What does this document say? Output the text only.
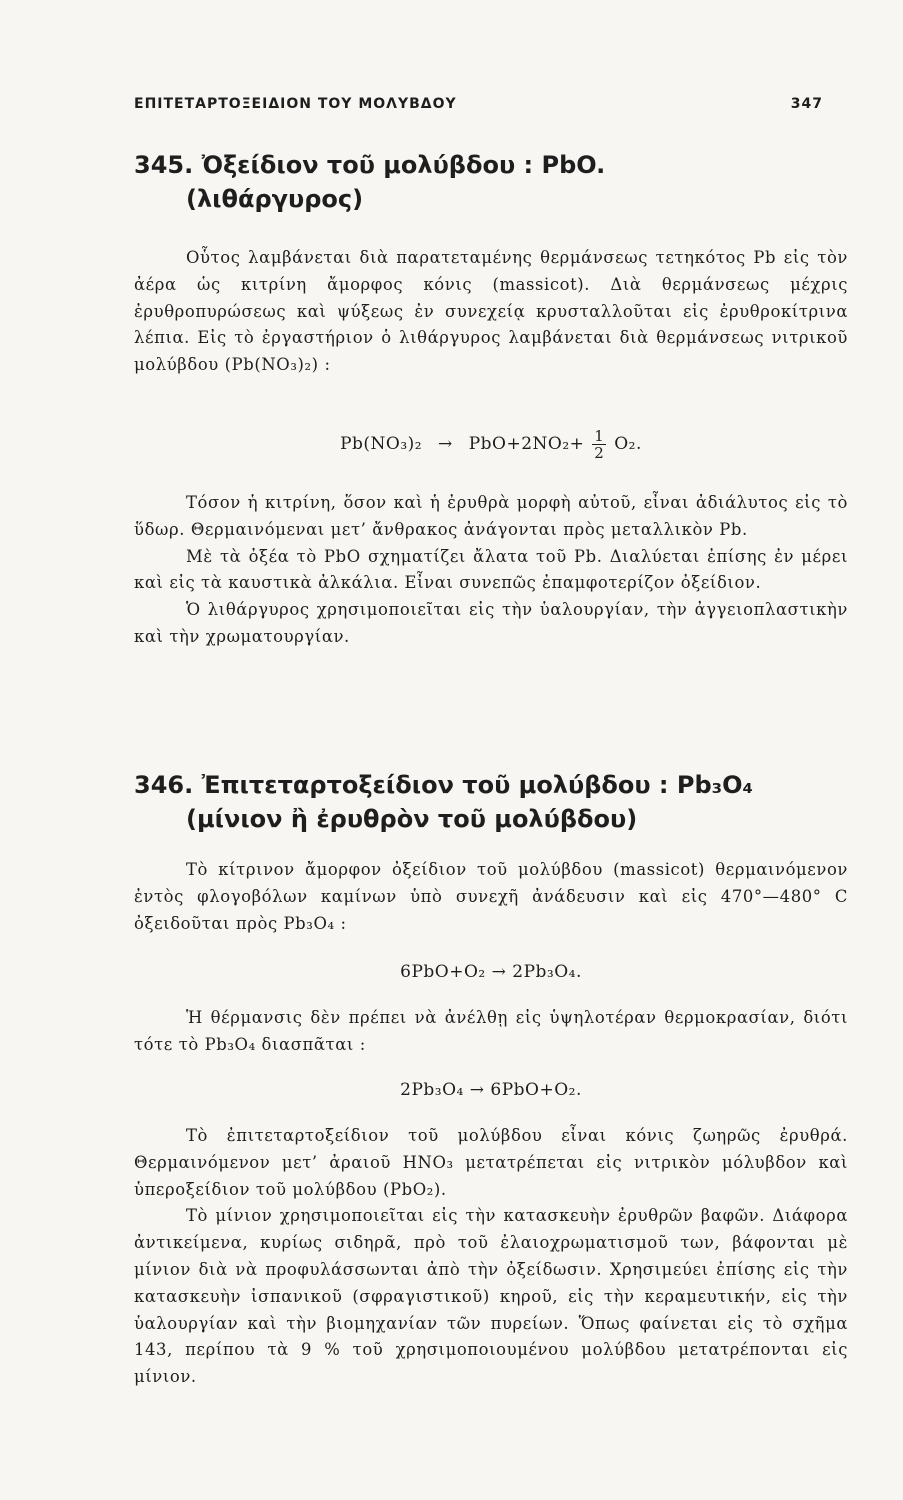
ΕΠΙΤΕΤΑΡΤΟΞΕΙΔΙΟΝ ΤΟΥ ΜΟΛΥΒΔΟΥ	347
345. Ὀξείδιον τοῦ μολύβδου : PbO.
(λιθάργυρος)

Οὗτος λαμβάνεται διὰ παρατεταμένης θερμάνσεως τετηκότος Pb εἰς τὸν ἀέρα ὡς κιτρίνη ἄμορφος κόνις (massicot). Διὰ θερμάνσεως μέχρις ἐρυθροπυρώσεως καὶ ψύξεως ἐν συνεχείᾳ κρυσταλλοῦται εἰς ἐρυθροκίτρινα λέπια. Εἰς τὸ ἐργαστήριον ὁ λιθάργυρος λαμβάνεται διὰ θερμάνσεως νιτρικοῦ μολύβδου (Pb(NO₃)₂) :

$Pb(NO_3)_2 \to PbO+2NO_2+ \frac{1}{2} O_2$.

Τόσον ἡ κιτρίνη, ὅσον καὶ ἡ ἐρυθρὰ μορφὴ αὐτοῦ, εἶναι ἀδιάλυτος εἰς τὸ ὕδωρ. Θερμαινόμεναι μετ’ ἄνθρακος ἀνάγονται πρὸς μεταλλικὸν Pb.

Μὲ τὰ ὀξέα τὸ PbO σχηματίζει ἄλατα τοῦ Pb. Διαλύεται ἐπίσης ἐν μέρει καὶ εἰς τὰ καυστικὰ ἀλκάλια. Εἶναι συνεπῶς ἐπαμφοτερίζον ὀξείδιον.

Ὁ λιθάργυρος χρησιμοποιεῖται εἰς τὴν ὑαλουργίαν, τὴν ἀγγειοπλαστικὴν καὶ τὴν χρωματουργίαν.

346. Ἐπιτεταρτοξείδιον τοῦ μολύβδου : Pb₃O₄
(μίνιον ἢ ἐρυθρὸν τοῦ μολύβδου)

Τὸ κίτρινον ἄμορφον ὀξείδιον τοῦ μολύβδου (massicot) θερμαινόμενον ἐντὸς φλογοβόλων καμίνων ὑπὸ συνεχῆ ἀνάδευσιν καὶ εἰς 470°—480° C ὀξειδοῦται πρὸς Pb₃O₄ :

6PbO+O₂ → 2Pb₃O₄.

Ἡ θέρμανσις δὲν πρέπει νὰ ἀνέλθῃ εἰς ὑψηλοτέραν θερμοκρασίαν, διότι τότε τὸ Pb₃O₄ διασπᾶται :

2Pb₃O₄ → 6PbO+O₂.

Τὸ ἐπιτεταρτοξείδιον τοῦ μολύβδου εἶναι κόνις ζωηρῶς ἐρυθρά. Θερμαινόμενον μετ’ ἀραιοῦ HNO₃ μετατρέπεται εἰς νιτρικὸν μόλυβδον καὶ ὑπεροξείδιον τοῦ μολύβδου (PbO₂).

Τὸ μίνιον χρησιμοποιεῖται εἰς τὴν κατασκευὴν ἐρυθρῶν βαφῶν. Διάφορα ἀντικείμενα, κυρίως σιδηρᾶ, πρὸ τοῦ ἐλαιοχρωματισμοῦ των, βάφονται μὲ μίνιον διὰ νὰ προφυλάσσωνται ἀπὸ τὴν ὀξείδωσιν. Χρησιμεύει ἐπίσης εἰς τὴν κατασκευὴν ἰσπανικοῦ (σφραγιστικοῦ) κηροῦ, εἰς τὴν κεραμευτικήν, εἰς τὴν ὑαλουργίαν καὶ τὴν βιομηχανίαν τῶν πυρείων. Ὅπως φαίνεται εἰς τὸ σχῆμα 143, περίπου τὰ 9 % τοῦ χρησιμοποιουμένου μολύβδου μετατρέπονται εἰς μίνιον.
